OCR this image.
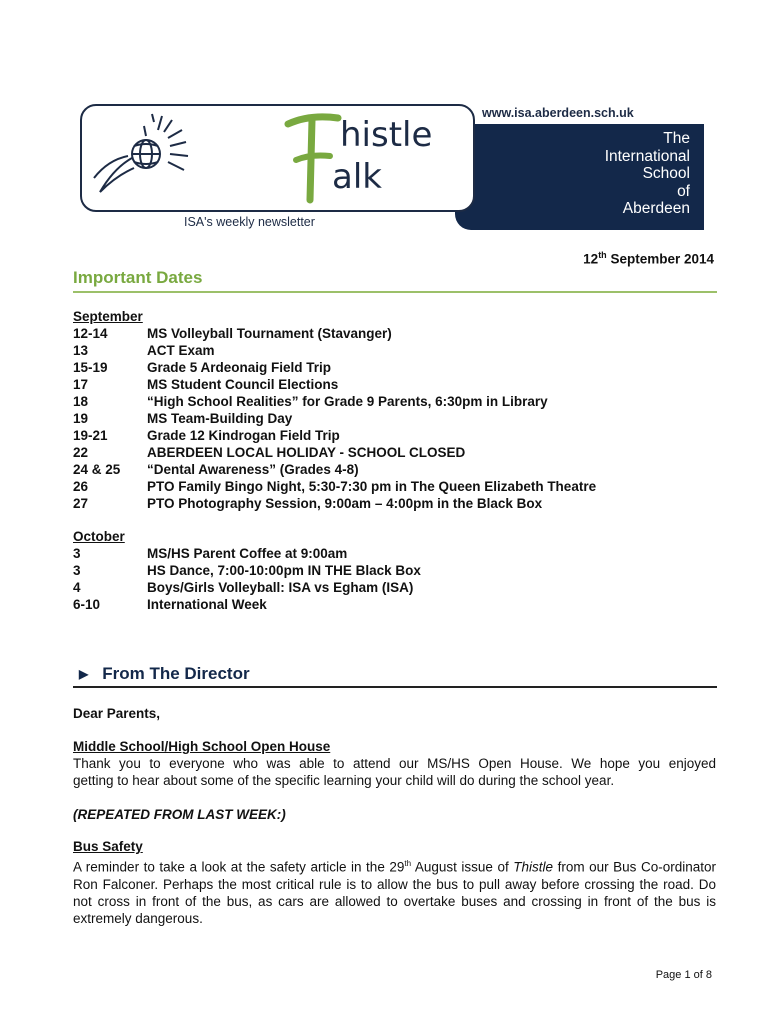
The
International
School
of
Aberdeen
www.isa.aberdeen.sch.uk
histle
alk
ISA's weekly newsletter
12th September 2014
Important Dates
September
12-14	MS Volleyball Tournament (Stavanger)
13	ACT Exam
15-19	Grade 5 Ardeonaig Field Trip
17	MS Student Council Elections
18	“High School Realities” for Grade 9 Parents, 6:30pm in Library
19	MS Team-Building Day
19-21	Grade 12 Kindrogan Field Trip
22	ABERDEEN LOCAL HOLIDAY - SCHOOL CLOSED
24 & 25	“Dental Awareness” (Grades 4-8)
26	PTO Family Bingo Night, 5:30-7:30 pm in The Queen Elizabeth Theatre
27	PTO Photography Session, 9:00am – 4:00pm in the Black Box
October
3	MS/HS Parent Coffee at 9:00am
3	HS Dance, 7:00-10:00pm IN THE Black Box
4	Boys/Girls Volleyball: ISA vs Egham (ISA)
6-10	International Week
▶ From The Director
Dear Parents,
Middle School/High School Open House
Thank you to everyone who was able to attend our MS/HS Open House. We hope you enjoyed
getting to hear about some of the specific learning your child will do during the school year.
(REPEATED FROM LAST WEEK:)
Bus Safety
A reminder to take a look at the safety article in the 29th August issue of Thistle from our Bus Co-ordinator Ron Falconer. Perhaps the most critical rule is to allow the bus to pull away before crossing the road. Do not cross in front of the bus, as cars are allowed to overtake buses and crossing in front of the bus is extremely dangerous.
Page 1 of 8
